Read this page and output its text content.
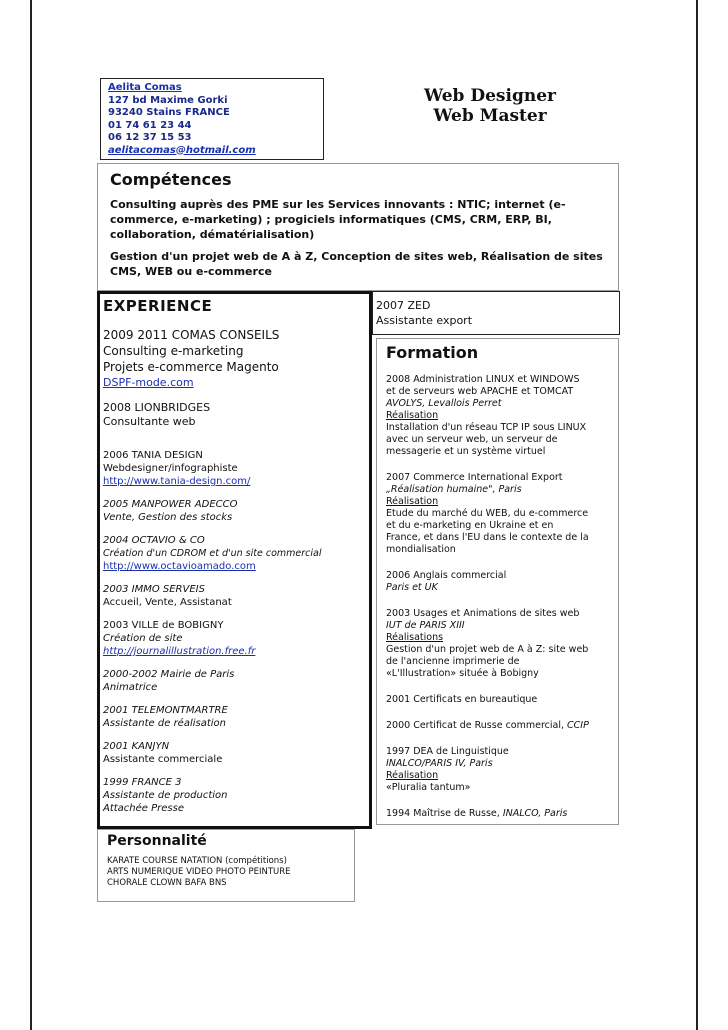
Aelita Comas
127 bd Maxime Gorki
93240 Stains FRANCE
01 74 61 23 44
06 12 37 15 53
aelitacomas@hotmail.com
Web Designer
Web Master
Compétences
Consulting auprès des PME sur les Services innovants : NTIC; internet (e-commerce, e-marketing) ; progiciels informatiques (CMS, CRM, ERP, BI, collaboration, dématérialisation)
Gestion d'un projet web de A à Z, Conception de sites web, Réalisation de sites CMS, WEB ou e-commerce
EXPERIENCE
2009 2011 COMAS CONSEILS
Consulting e-marketing
Projets e-commerce Magento
DSPF-mode.com
2008 LIONBRIDGES
Consultante web
2006 TANIA DESIGN
Webdesigner/infographiste
http://www.tania-design.com/
2005 MANPOWER ADECCO
Vente, Gestion des stocks
2004 OCTAVIO & CO
Création d'un CDROM et d'un site commercial
http://www.octavioamado.com
2003 IMMO SERVEIS
Accueil, Vente, Assistanat
2003 VILLE de BOBIGNY
Création de site
http://journalillustration.free.fr
2000-2002 Mairie de Paris
Animatrice
2001 TELEMONTMARTRE
Assistante de réalisation
2001 KANJYN
Assistante commerciale
1999 FRANCE 3
Assistante de production
Attachée Presse
2007 ZED
Assistante export
Formation
2008 Administration LINUX et WINDOWS
et de serveurs web APACHE et TOMCAT
AVOLYS, Levallois Perret
Réalisation
Installation d'un réseau TCP IP sous LINUX
avec un serveur web, un serveur de
messagerie et un système virtuel
2007 Commerce International Export
„Réalisation humaine", Paris
Réalisation
Etude du marché du WEB, du e-commerce
et du e-marketing en Ukraine et en
France, et dans l'EU dans le contexte de la
mondialisation
2006 Anglais commercial
Paris et UK
2003 Usages et Animations de sites web
IUT de PARIS XIII
Réalisations
Gestion d'un projet web de A à Z: site web
de l'ancienne imprimerie de
«L'Illustration» située à Bobigny
2001 Certificats en bureautique
2000 Certificat de Russe commercial, CCIP
1997 DEA de Linguistique
INALCO/PARIS IV, Paris
Réalisation
«Pluralia tantum»
1994 Maîtrise de Russe, INALCO, Paris
Personnalité
KARATE COURSE NATATION (compétitions)
ARTS NUMERIQUE VIDEO PHOTO PEINTURE
CHORALE CLOWN BAFA BNS
